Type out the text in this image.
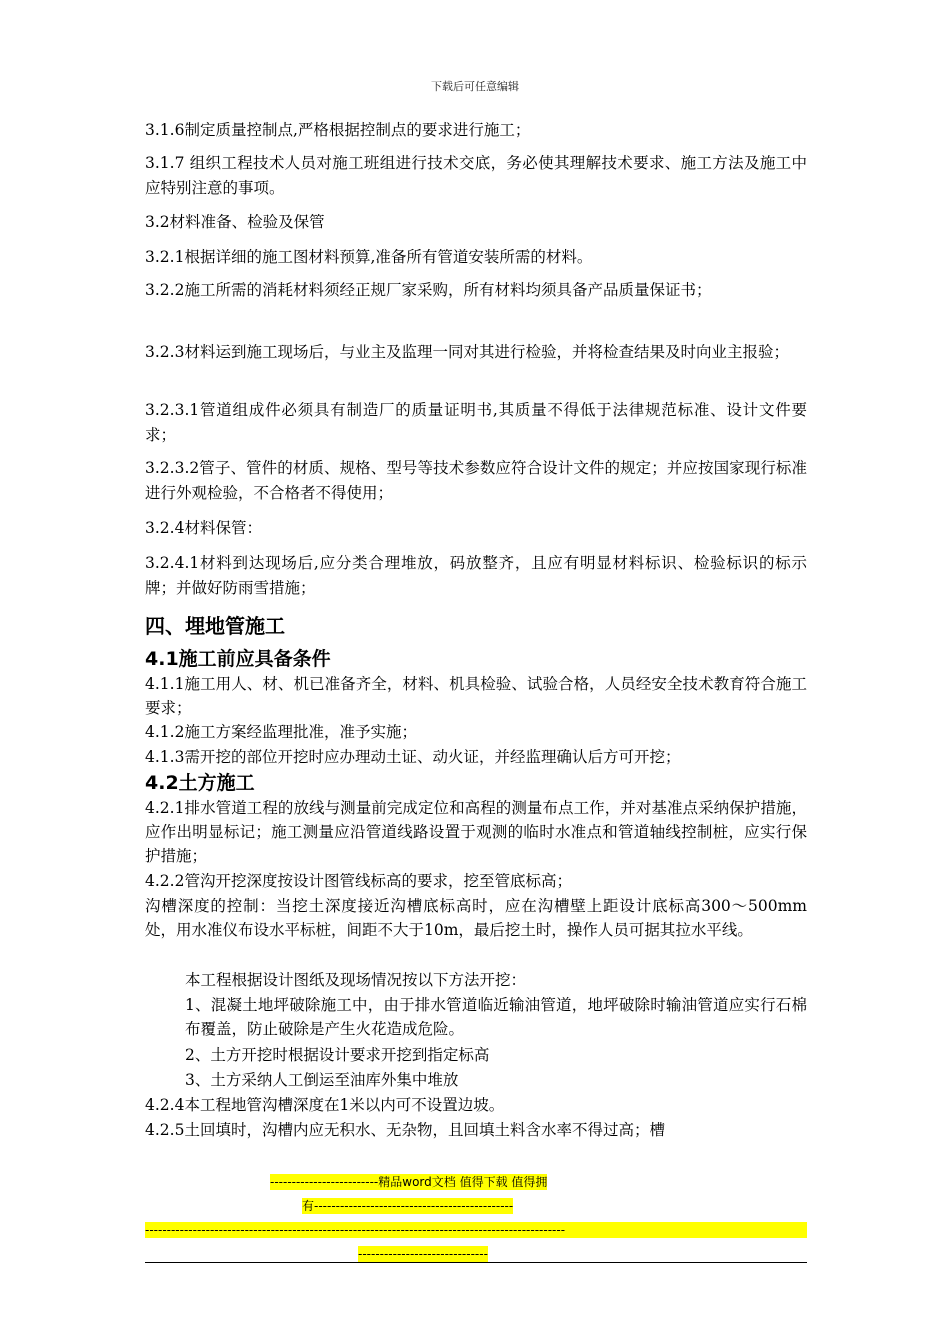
下载后可任意编辑
3.1.6制定质量控制点,严格根据控制点的要求进行施工；
3.1.7 组织工程技术人员对施工班组进行技术交底，务必使其理解技术要求、施工方法及施工中应特别注意的事项。
3.2材料准备、检验及保管
3.2.1根据详细的施工图材料预算,准备所有管道安装所需的材料。
3.2.2施工所需的消耗材料须经正规厂家采购，所有材料均须具备产品质量保证书；
3.2.3材料运到施工现场后，与业主及监理一同对其进行检验，并将检查结果及时向业主报验；
3.2.3.1管道组成件必须具有制造厂的质量证明书,其质量不得低于法律规范标准、设计文件要求；
3.2.3.2管子、管件的材质、规格、型号等技术参数应符合设计文件的规定；并应按国家现行标准进行外观检验，不合格者不得使用；
3.2.4材料保管：
3.2.4.1材料到达现场后,应分类合理堆放，码放整齐，且应有明显材料标识、检验标识的标示牌；并做好防雨雪措施；
四、埋地管施工
4.1施工前应具备条件
4.1.1施工用人、材、机已准备齐全，材料、机具检验、试验合格，人员经安全技术教育符合施工要求；
4.1.2施工方案经监理批准，准予实施；
4.1.3需开挖的部位开挖时应办理动土证、动火证，并经监理确认后方可开挖；
4.2土方施工
4.2.1排水管道工程的放线与测量前完成定位和高程的测量布点工作，并对基准点采纳保护措施，应作出明显标记；施工测量应沿管道线路设置于观测的临时水准点和管道轴线控制桩，应实行保护措施；
4.2.2管沟开挖深度按设计图管线标高的要求，挖至管底标高；
沟槽深度的控制：当挖土深度接近沟槽底标高时，应在沟槽壁上距设计底标高300～500mm 处，用水准仪布设水平标桩，间距不大于10m，最后挖土时，操作人员可据其拉水平线。
本工程根据设计图纸及现场情况按以下方法开挖：
1、混凝土地坪破除施工中，由于排水管道临近输油管道，地坪破除时输油管道应实行石棉布覆盖，防止破除是产生火花造成危险。
2、土方开挖时根据设计要求开挖到指定标高
3、土方采纳人工倒运至油库外集中堆放
4.2.4本工程地管沟槽深度在1米以内可不设置边坡。
4.2.5土回填时，沟槽内应无积水、无杂物，且回填土料含水率不得过高；槽
-------------------------精品word文档 值得下载 值得拥
有----------------------------------------------
-------------------------------------------------------------------------------------------------
------------------------------
